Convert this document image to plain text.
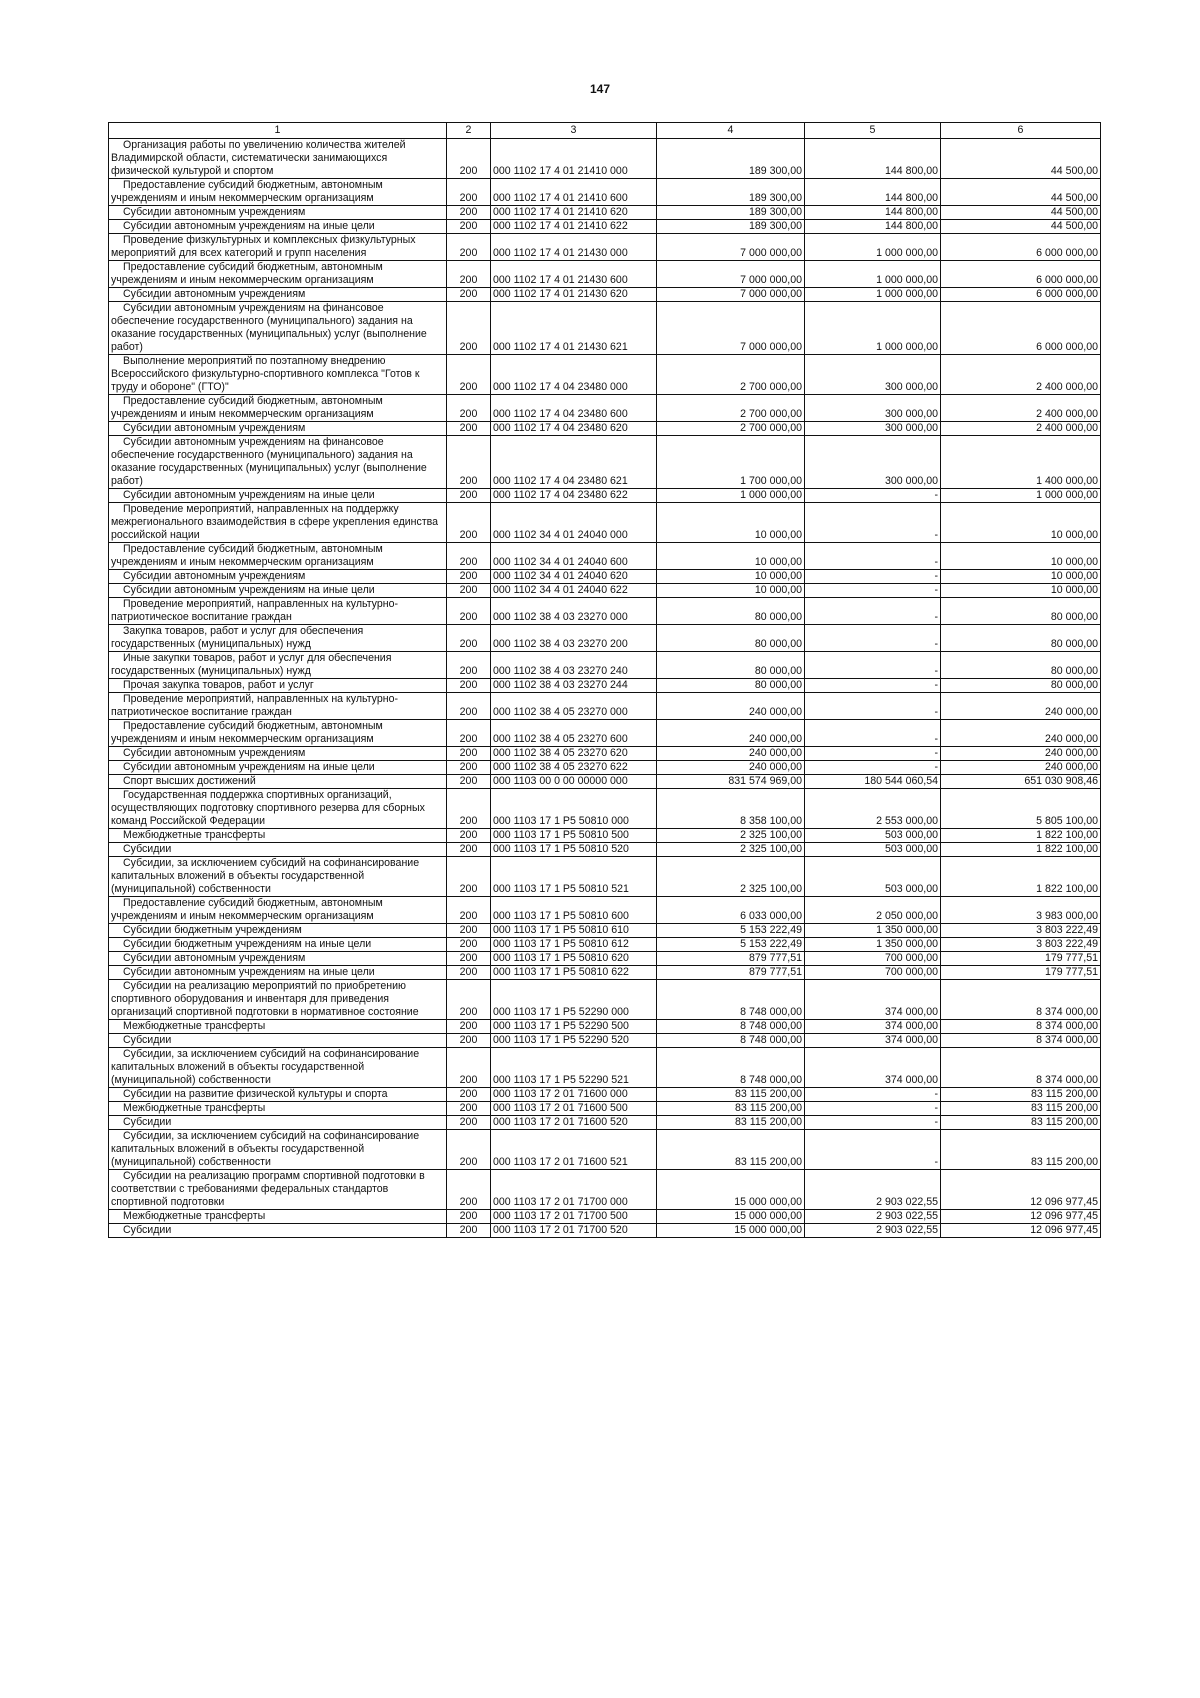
147
1	2	3	4	5	6
Организация работы по увеличению количества жителей Владимирской области, систематически занимающихся физической культурой и спортом	200	000 1102 17 4 01 21410 000	189 300,00	144 800,00	44 500,00
Предоставление субсидий бюджетным, автономным учреждениям и иным некоммерческим организациям	200	000 1102 17 4 01 21410 600	189 300,00	144 800,00	44 500,00
Субсидии автономным учреждениям	200	000 1102 17 4 01 21410 620	189 300,00	144 800,00	44 500,00
Субсидии автономным учреждениям на иные цели	200	000 1102 17 4 01 21410 622	189 300,00	144 800,00	44 500,00
Проведение физкультурных и комплексных физкультурных мероприятий для всех категорий и групп населения	200	000 1102 17 4 01 21430 000	7 000 000,00	1 000 000,00	6 000 000,00
Предоставление субсидий бюджетным, автономным учреждениям и иным некоммерческим организациям	200	000 1102 17 4 01 21430 600	7 000 000,00	1 000 000,00	6 000 000,00
Субсидии автономным учреждениям	200	000 1102 17 4 01 21430 620	7 000 000,00	1 000 000,00	6 000 000,00
Субсидии автономным учреждениям на финансовое обеспечение государственного (муниципального) задания на оказание государственных (муниципальных) услуг (выполнение работ)	200	000 1102 17 4 01 21430 621	7 000 000,00	1 000 000,00	6 000 000,00
Выполнение мероприятий по поэтапному внедрению Всероссийского физкультурно-спортивного комплекса "Готов к труду и обороне" (ГТО)"	200	000 1102 17 4 04 23480 000	2 700 000,00	300 000,00	2 400 000,00
Предоставление субсидий бюджетным, автономным учреждениям и иным некоммерческим организациям	200	000 1102 17 4 04 23480 600	2 700 000,00	300 000,00	2 400 000,00
Субсидии автономным учреждениям	200	000 1102 17 4 04 23480 620	2 700 000,00	300 000,00	2 400 000,00
Субсидии автономным учреждениям на финансовое обеспечение государственного (муниципального) задания на оказание государственных (муниципальных) услуг (выполнение работ)	200	000 1102 17 4 04 23480 621	1 700 000,00	300 000,00	1 400 000,00
Субсидии автономным учреждениям на иные цели	200	000 1102 17 4 04 23480 622	1 000 000,00	-	1 000 000,00
Проведение мероприятий, направленных на поддержку межрегионального взаимодействия в сфере укрепления единства российской нации	200	000 1102 34 4 01 24040 000	10 000,00	-	10 000,00
Предоставление субсидий бюджетным, автономным учреждениям и иным некоммерческим организациям	200	000 1102 34 4 01 24040 600	10 000,00	-	10 000,00
Субсидии автономным учреждениям	200	000 1102 34 4 01 24040 620	10 000,00	-	10 000,00
Субсидии автономным учреждениям на иные цели	200	000 1102 34 4 01 24040 622	10 000,00	-	10 000,00
Проведение мероприятий, направленных на культурно-патриотическое воспитание граждан	200	000 1102 38 4 03 23270 000	80 000,00	-	80 000,00
Закупка товаров, работ и услуг для обеспечения государственных (муниципальных) нужд	200	000 1102 38 4 03 23270 200	80 000,00	-	80 000,00
Иные закупки товаров, работ и услуг для обеспечения государственных (муниципальных) нужд	200	000 1102 38 4 03 23270 240	80 000,00	-	80 000,00
Прочая закупка товаров, работ и услуг	200	000 1102 38 4 03 23270 244	80 000,00	-	80 000,00
Проведение мероприятий, направленных на культурно-патриотическое воспитание граждан	200	000 1102 38 4 05 23270 000	240 000,00	-	240 000,00
Предоставление субсидий бюджетным, автономным учреждениям и иным некоммерческим организациям	200	000 1102 38 4 05 23270 600	240 000,00	-	240 000,00
Субсидии автономным учреждениям	200	000 1102 38 4 05 23270 620	240 000,00	-	240 000,00
Субсидии автономным учреждениям на иные цели	200	000 1102 38 4 05 23270 622	240 000,00	-	240 000,00
Спорт высших достижений	200	000 1103 00 0 00 00000 000	831 574 969,00	180 544 060,54	651 030 908,46
Государственная поддержка спортивных организаций, осуществляющих подготовку спортивного резерва для сборных команд Российской Федерации	200	000 1103 17 1 P5 50810 000	8 358 100,00	2 553 000,00	5 805 100,00
Межбюджетные трансферты	200	000 1103 17 1 P5 50810 500	2 325 100,00	503 000,00	1 822 100,00
Субсидии	200	000 1103 17 1 P5 50810 520	2 325 100,00	503 000,00	1 822 100,00
Субсидии, за исключением субсидий на софинансирование капитальных вложений в объекты государственной (муниципальной) собственности	200	000 1103 17 1 P5 50810 521	2 325 100,00	503 000,00	1 822 100,00
Предоставление субсидий бюджетным, автономным учреждениям и иным некоммерческим организациям	200	000 1103 17 1 P5 50810 600	6 033 000,00	2 050 000,00	3 983 000,00
Субсидии бюджетным учреждениям	200	000 1103 17 1 P5 50810 610	5 153 222,49	1 350 000,00	3 803 222,49
Субсидии бюджетным учреждениям на иные цели	200	000 1103 17 1 P5 50810 612	5 153 222,49	1 350 000,00	3 803 222,49
Субсидии автономным учреждениям	200	000 1103 17 1 P5 50810 620	879 777,51	700 000,00	179 777,51
Субсидии автономным учреждениям на иные цели	200	000 1103 17 1 P5 50810 622	879 777,51	700 000,00	179 777,51
Субсидии на реализацию мероприятий по приобретению спортивного оборудования и инвентаря для приведения организаций спортивной подготовки в нормативное состояние	200	000 1103 17 1 P5 52290 000	8 748 000,00	374 000,00	8 374 000,00
Межбюджетные трансферты	200	000 1103 17 1 P5 52290 500	8 748 000,00	374 000,00	8 374 000,00
Субсидии	200	000 1103 17 1 P5 52290 520	8 748 000,00	374 000,00	8 374 000,00
Субсидии, за исключением субсидий на софинансирование капитальных вложений в объекты государственной (муниципальной) собственности	200	000 1103 17 1 P5 52290 521	8 748 000,00	374 000,00	8 374 000,00
Субсидии на развитие физической культуры и спорта	200	000 1103 17 2 01 71600 000	83 115 200,00	-	83 115 200,00
Межбюджетные трансферты	200	000 1103 17 2 01 71600 500	83 115 200,00	-	83 115 200,00
Субсидии	200	000 1103 17 2 01 71600 520	83 115 200,00	-	83 115 200,00
Субсидии, за исключением субсидий на софинансирование капитальных вложений в объекты государственной (муниципальной) собственности	200	000 1103 17 2 01 71600 521	83 115 200,00	-	83 115 200,00
Субсидии на реализацию программ спортивной подготовки в соответствии с требованиями федеральных стандартов спортивной подготовки	200	000 1103 17 2 01 71700 000	15 000 000,00	2 903 022,55	12 096 977,45
Межбюджетные трансферты	200	000 1103 17 2 01 71700 500	15 000 000,00	2 903 022,55	12 096 977,45
Субсидии	200	000 1103 17 2 01 71700 520	15 000 000,00	2 903 022,55	12 096 977,45
